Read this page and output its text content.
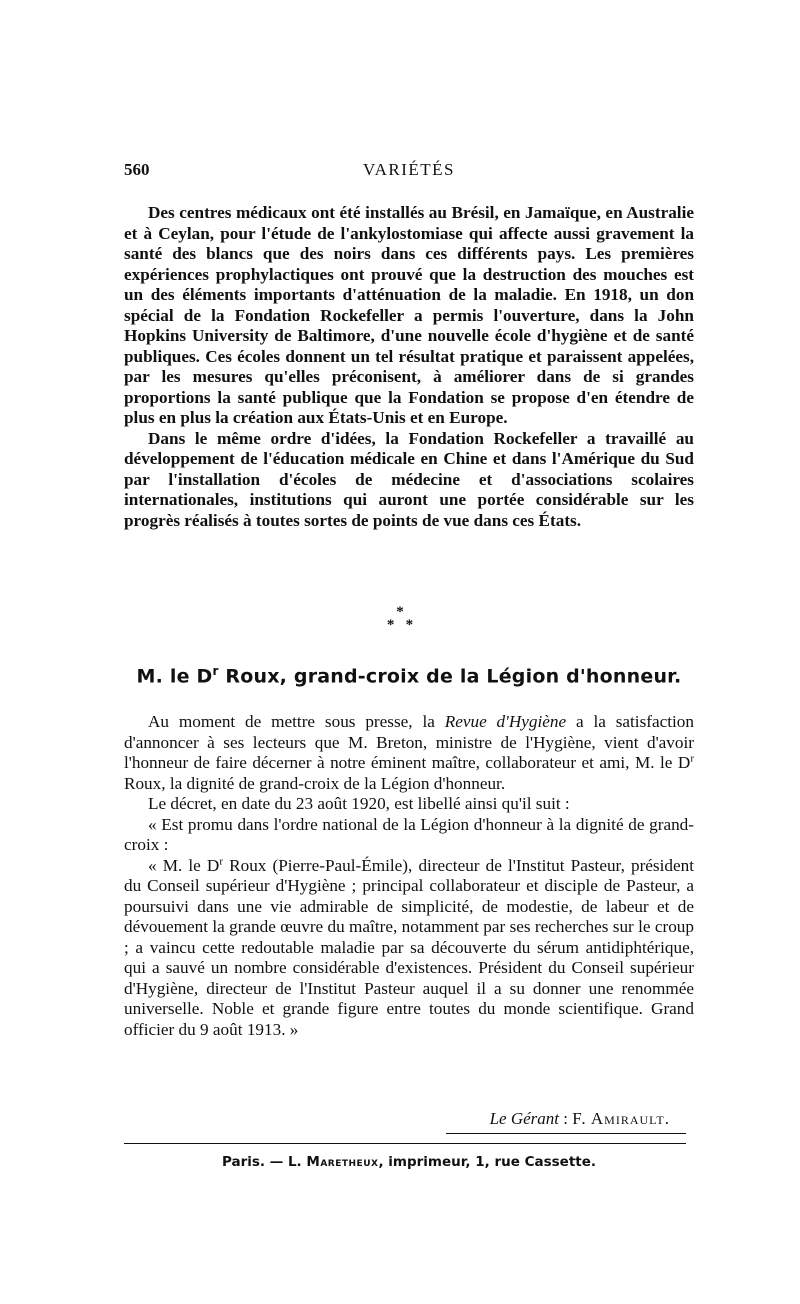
560	VARIÉTÉS

Des centres médicaux ont été installés au Brésil, en Jamaïque, en Australie et à Ceylan, pour l'étude de l'ankylostomiase qui affecte aussi gravement la santé des blancs que des noirs dans ces différents pays. Les premières expériences prophylactiques ont prouvé que la destruction des mouches est un des éléments importants d'atténuation de la maladie. En 1918, un don spécial de la Fondation Rockefeller a permis l'ouverture, dans la John Hopkins University de Baltimore, d'une nouvelle école d'hygiène et de santé publiques. Ces écoles donnent un tel résultat pratique et paraissent appelées, par les mesures qu'elles préconisent, à améliorer dans de si grandes proportions la santé publique que la Fondation se propose d'en étendre de plus en plus la création aux États-Unis et en Europe.

Dans le même ordre d'idées, la Fondation Rockefeller a travaillé au développement de l'éducation médicale en Chine et dans l'Amérique du Sud par l'installation d'écoles de médecine et d'associations scolaires internationales, institutions qui auront une portée considérable sur les progrès réalisés à toutes sortes de points de vue dans ces États.

*
*   *
M. le $D^r$ Roux, grand-croix de la Légion d'honneur.

Au moment de mettre sous presse, la Revue d'Hygiène a la satisfaction d'annoncer à ses lecteurs que M. Breton, ministre de l'Hygiène, vient d'avoir l'honneur de faire décerner à notre éminent maître, collaborateur et ami, M. le $D^r$ Roux, la dignité de grand-croix de la Légion d'honneur.

Le décret, en date du 23 août 1920, est libellé ainsi qu'il suit :

« Est promu dans l'ordre national de la Légion d'honneur à la dignité de grand-croix :

« M. le $D^r$ Roux (Pierre-Paul-Émile), directeur de l'Institut Pasteur, président du Conseil supérieur d'Hygiène ; principal collaborateur et disciple de Pasteur, a poursuivi dans une vie admirable de simplicité, de modestie, de labeur et de dévouement la grande œuvre du maître, notamment par ses recherches sur le croup ; a vaincu cette redoutable maladie par sa découverte du sérum antidiphtérique, qui a sauvé un nombre considérable d'existences. Président du Conseil supérieur d'Hygiène, directeur de l'Institut Pasteur auquel il a su donner une renommée universelle. Noble et grande figure entre toutes du monde scientifique. Grand officier du 9 août 1913. »

Le Gérant : F. Amirault.
Paris. — L. Maretheux, imprimeur, 1, rue Cassette.
